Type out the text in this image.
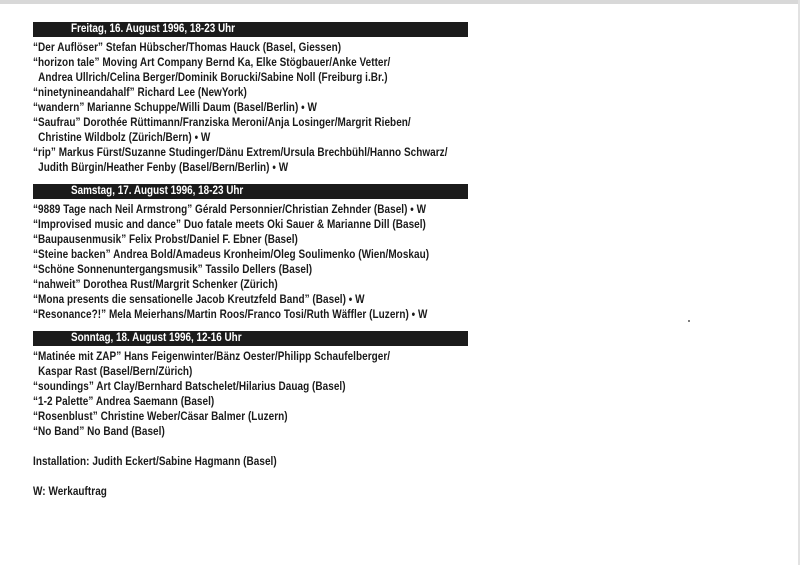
Freitag, 16. August 1996, 18-23 Uhr
“Der Auflöser” Stefan Hübscher/Thomas Hauck (Basel, Giessen)
“horizon tale” Moving Art Company Bernd Ka, Elke Stögbauer/Anke Vetter/
Andrea Ullrich/Celina Berger/Dominik Borucki/Sabine Noll (Freiburg i.Br.)
“ninetynineandahalf” Richard Lee (NewYork)
“wandern” Marianne Schuppe/Willi Daum (Basel/Berlin) • W
“Saufrau” Dorothée Rüttimann/Franziska Meroni/Anja Losinger/Margrit Rieben/
Christine Wildbolz (Zürich/Bern) • W
“rip” Markus Fürst/Suzanne Studinger/Dänu Extrem/Ursula Brechbühl/Hanno Schwarz/
Judith Bürgin/Heather Fenby (Basel/Bern/Berlin) • W
Samstag, 17. August 1996, 18-23 Uhr
“9889 Tage nach Neil Armstrong” Gérald Personnier/Christian Zehnder (Basel) • W
“Improvised music and dance” Duo fatale meets Oki Sauer & Marianne Dill (Basel)
“Baupausenmusik” Felix Probst/Daniel F. Ebner (Basel)
“Steine backen” Andrea Bold/Amadeus Kronheim/Oleg Soulimenko (Wien/Moskau)
“Schöne Sonnenuntergangsmusik” Tassilo Dellers (Basel)
“nahweit” Dorothea Rust/Margrit Schenker (Zürich)
“Mona presents die sensationelle Jacob Kreutzfeld Band” (Basel) • W
“Resonance?!” Mela Meierhans/Martin Roos/Franco Tosi/Ruth Wäffler (Luzern) • W
Sonntag, 18. August 1996, 12-16 Uhr
“Matinée mit ZAP” Hans Feigenwinter/Bänz Oester/Philipp Schaufelberger/
Kaspar Rast (Basel/Bern/Zürich)
“soundings” Art Clay/Bernhard Batschelet/Hilarius Dauag (Basel)
“1-2 Palette” Andrea Saemann (Basel)
“Rosenblust” Christine Weber/Cäsar Balmer (Luzern)
“No Band” No Band (Basel)
Installation: Judith Eckert/Sabine Hagmann (Basel)
W: Werkauftrag
